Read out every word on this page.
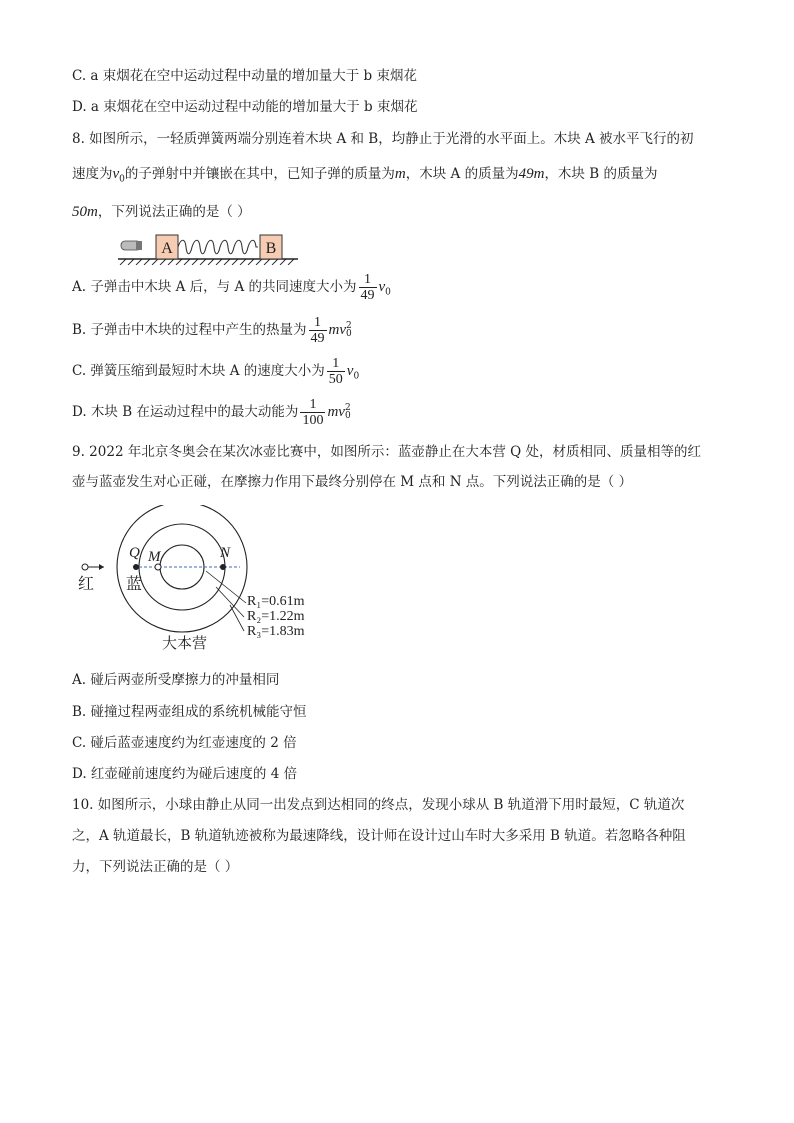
C. a 束烟花在空中运动过程中动量的增加量大于 b 束烟花
D. a 束烟花在空中运动过程中动能的增加量大于 b 束烟花
8. 如图所示，一轻质弹簧两端分别连着木块 A 和 B，均静止于光滑的水平面上。木块 A 被水平飞行的初
速度为$v_0$的子弹射中并镶嵌在其中，已知子弹的质量为m，木块 A 的质量为49m，木块 B 的质量为
50m，下列说法正确的是（ ）
A	B
A. 子弹击中木块 A 后，与 A 的共同速度大小为 $\frac{1}{49} v_0$
B. 子弹击中木块的过程中产生的热量为 $\frac{1}{49}$ mv 2
0
C. 弹簧压缩到最短时木块 A 的速度大小为 $\frac{1}{50} v_0$
D. 木块 B 在运动过程中的最大动能为 $\frac{1}{100}$ mv 2
0
9. 2022 年北京冬奥会在某次冰壶比赛中，如图所示：蓝壶静止在大本营 Q 处，材质相同、质量相等的红
壶与蓝壶发生对心正碰，在摩擦力作用下最终分别停在 M 点和 N 点。下列说法正确的是（ ）
红 蓝
Q M	N
R₁=0.61m
R₂=1.22m
R₃=1.83m
大本营
A. 碰后两壶所受摩擦力的冲量相同
B. 碰撞过程两壶组成的系统机械能守恒
C. 碰后蓝壶速度约为红壶速度的 2 倍
D. 红壶碰前速度约为碰后速度的 4 倍
10. 如图所示，小球由静止从同一出发点到达相同的终点，发现小球从 B 轨道滑下用时最短，C 轨道次
之，A 轨道最长，B 轨道轨迹被称为最速降线，设计师在设计过山车时大多采用 B 轨道。若忽略各种阻
力，下列说法正确的是（ ）
